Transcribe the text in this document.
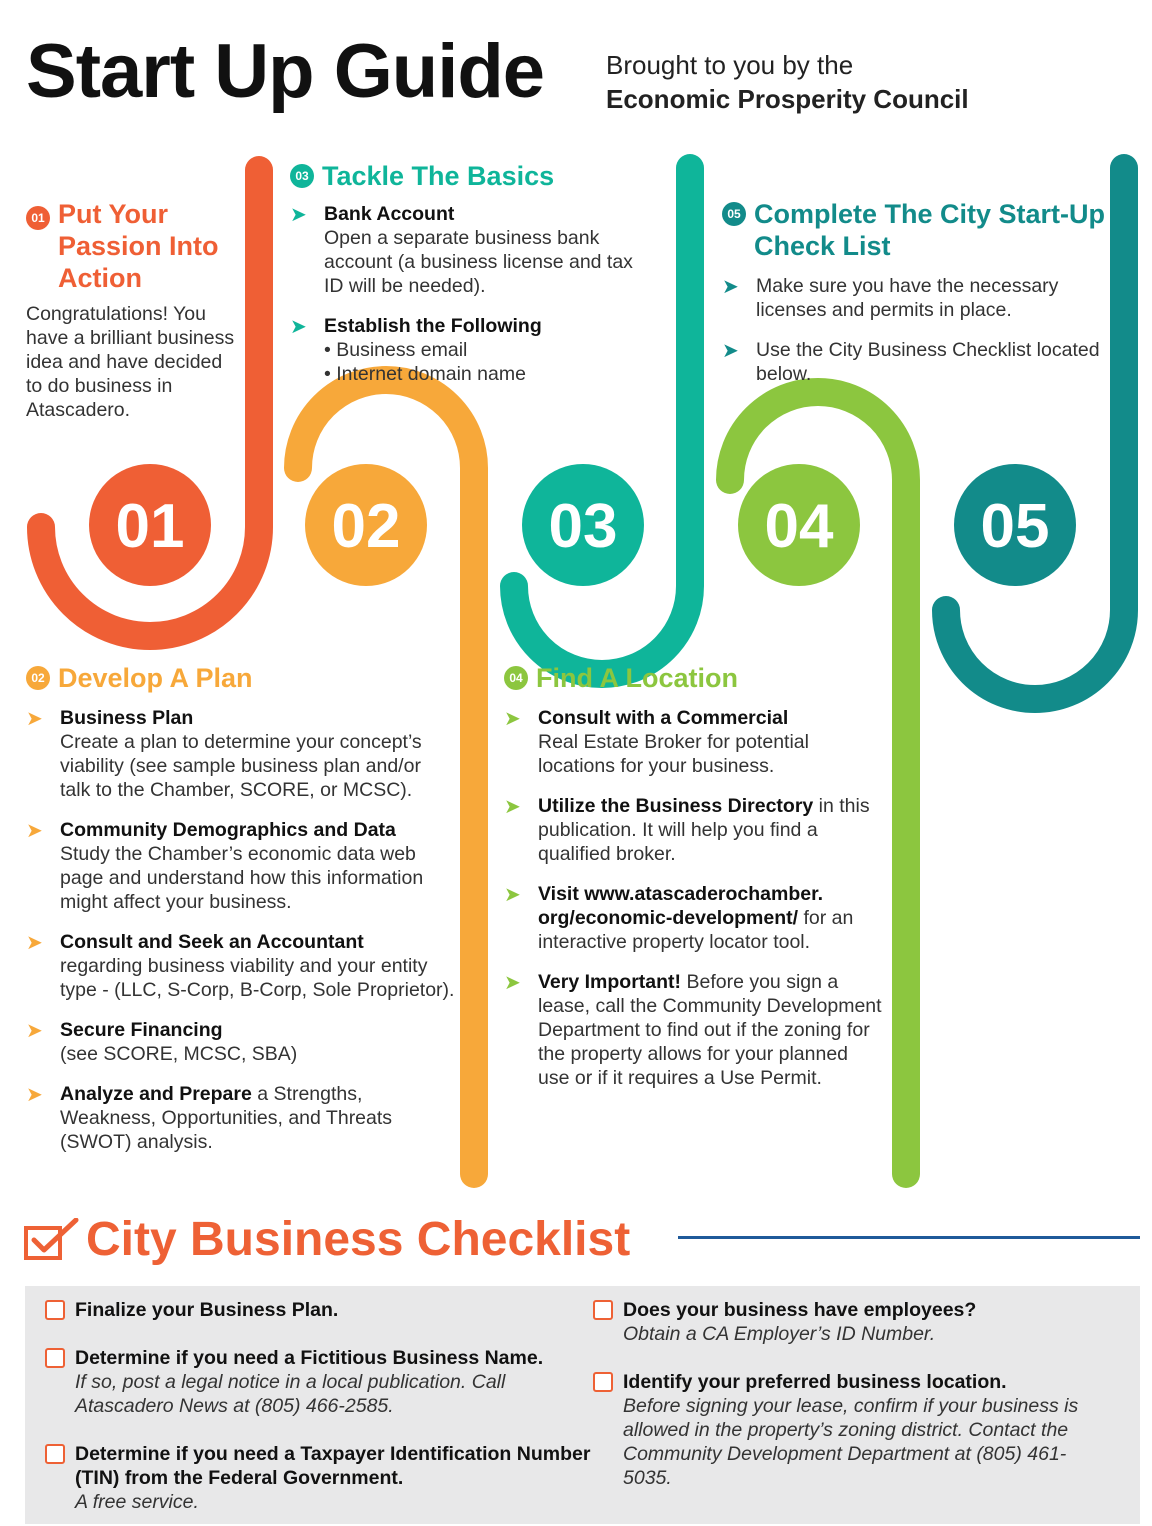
Start Up Guide Brought to you by the
Economic Prosperity Council
01 02 03 04 05
01 Put Your Passion Into Action
Congratulations! You have a brilliant business idea and have decided to do business in Atascadero.
03 Tackle The Basics
➤ Bank Account
Open a separate business bank account (a business license and tax ID will be needed).
➤ Establish the Following
• Business email
• Internet domain name
05 Complete The City Start-Up Check List
➤ Make sure you have the necessary licenses and permits in place.
➤ Use the City Business Checklist located below.
02 Develop A Plan
➤ Business Plan
Create a plan to determine your concept’s viability (see sample business plan and/or talk to the Chamber, SCORE, or MCSC).
➤ Community Demographics and Data
Study the Chamber’s economic data web page and understand how this information might affect your business.
➤ Consult and Seek an Accountant
regarding business viability and your entity type - (LLC, S-Corp, B-Corp, Sole Proprietor).
➤ Secure Financing
(see SCORE, MCSC, SBA)
➤ Analyze and Prepare a Strengths, Weakness, Opportunities, and Threats (SWOT) analysis.
04 Find A Location
➤ Consult with a Commercial
Real Estate Broker for potential locations for your business.
➤ Utilize the Business Directory in this publication. It will help you find a qualified broker.
➤ Visit www.atascaderochamber. org/economic-development/ for an interactive property locator tool.
➤ Very Important! Before you sign a lease, call the Community Development Department to find out if the zoning for the property allows for your planned use or if it requires a Use Permit.
City Business Checklist
Finalize your Business Plan.
Determine if you need a Fictitious Business Name.
If so, post a legal notice in a local publication. Call Atascadero News at (805) 466-2585.
Determine if you need a Taxpayer Identification Number (TIN) from the Federal Government.
A free service.
Does your business have employees?
Obtain a CA Employer’s ID Number.
Identify your preferred business location.
Before signing your lease, confirm if your business is allowed in the property’s zoning district. Contact the Community Development Department at (805) 461-5035.
